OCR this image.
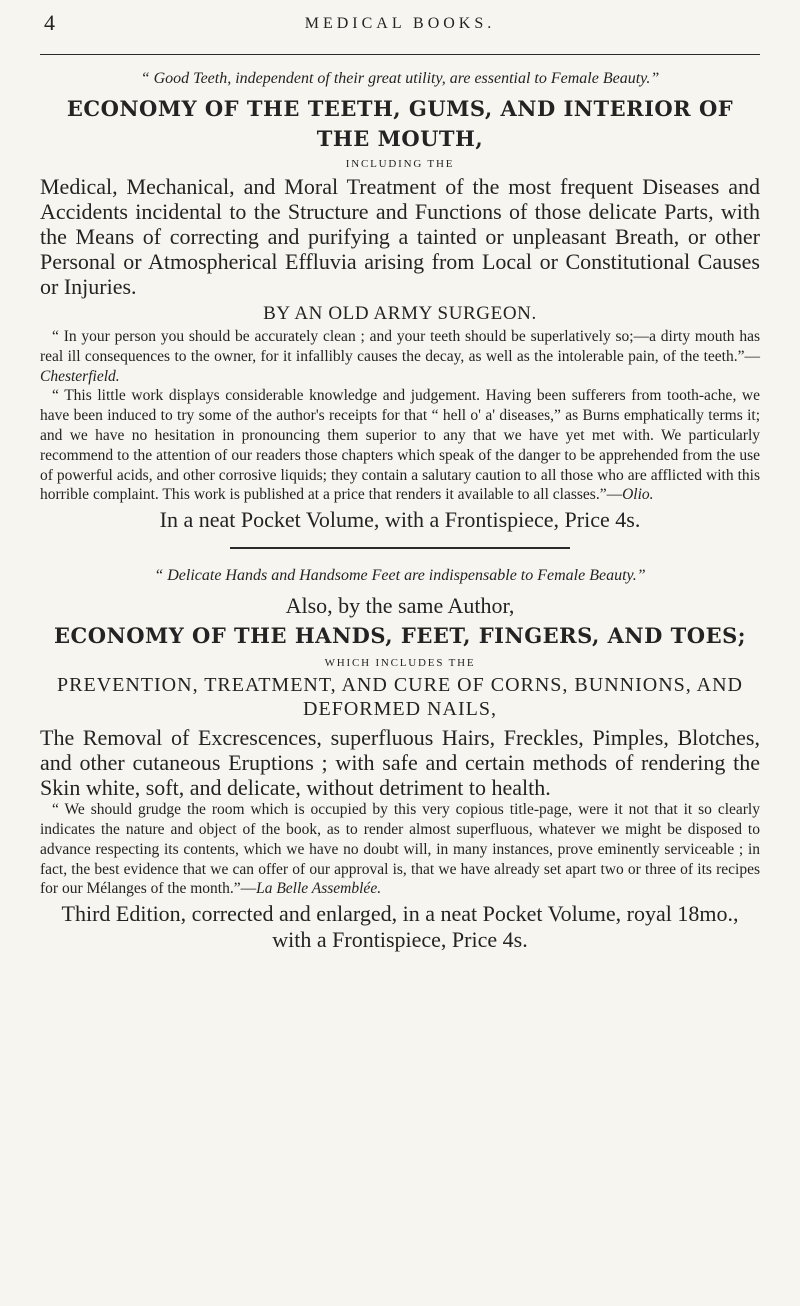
4	MEDICAL BOOKS.

“ Good Teeth, independent of their great utility, are essential to Female Beauty.”

ECONOMY OF THE TEETH, GUMS, AND INTERIOR OF THE MOUTH,

INCLUDING THE

Medical, Mechanical, and Moral Treatment of the most frequent Diseases and Accidents incidental to the Structure and Functions of those delicate Parts, with the Means of correcting and purifying a tainted or unpleasant Breath, or other Personal or Atmospherical Effluvia arising from Local or Constitutional Causes or Injuries.

BY AN OLD ARMY SURGEON.

“ In your person you should be accurately clean ; and your teeth should be superlatively so;—a dirty mouth has real ill consequences to the owner, for it infallibly causes the decay, as well as the intolerable pain, of the teeth.”—Chesterfield.

“ This little work displays considerable knowledge and judgement. Having been sufferers from tooth-ache, we have been induced to try some of the author's receipts for that “ hell o' a' diseases,” as Burns emphatically terms it; and we have no hesitation in pronouncing them superior to any that we have yet met with. We particularly recommend to the attention of our readers those chapters which speak of the danger to be apprehended from the use of powerful acids, and other corrosive liquids; they contain a salutary caution to all those who are afflicted with this horrible complaint. This work is published at a price that renders it available to all classes.”—Olio.

In a neat Pocket Volume, with a Frontispiece, Price 4s.

“ Delicate Hands and Handsome Feet are indispensable to Female Beauty.”

Also, by the same Author,

ECONOMY OF THE HANDS, FEET, FINGERS, AND TOES;

WHICH INCLUDES THE

PREVENTION, TREATMENT, AND CURE OF CORNS, BUNNIONS, AND DEFORMED NAILS,

The Removal of Excrescences, superfluous Hairs, Freckles, Pimples, Blotches, and other cutaneous Eruptions ; with safe and certain methods of rendering the Skin white, soft, and delicate, without detriment to health.

“ We should grudge the room which is occupied by this very copious title-page, were it not that it so clearly indicates the nature and object of the book, as to render almost superfluous, whatever we might be disposed to advance respecting its contents, which we have no doubt will, in many instances, prove eminently serviceable ; in fact, the best evidence that we can offer of our approval is, that we have already set apart two or three of its recipes for our Mélanges of the month.”—La Belle Assemblée.

Third Edition, corrected and enlarged, in a neat Pocket Volume, royal 18mo., with a Frontispiece, Price 4s.
